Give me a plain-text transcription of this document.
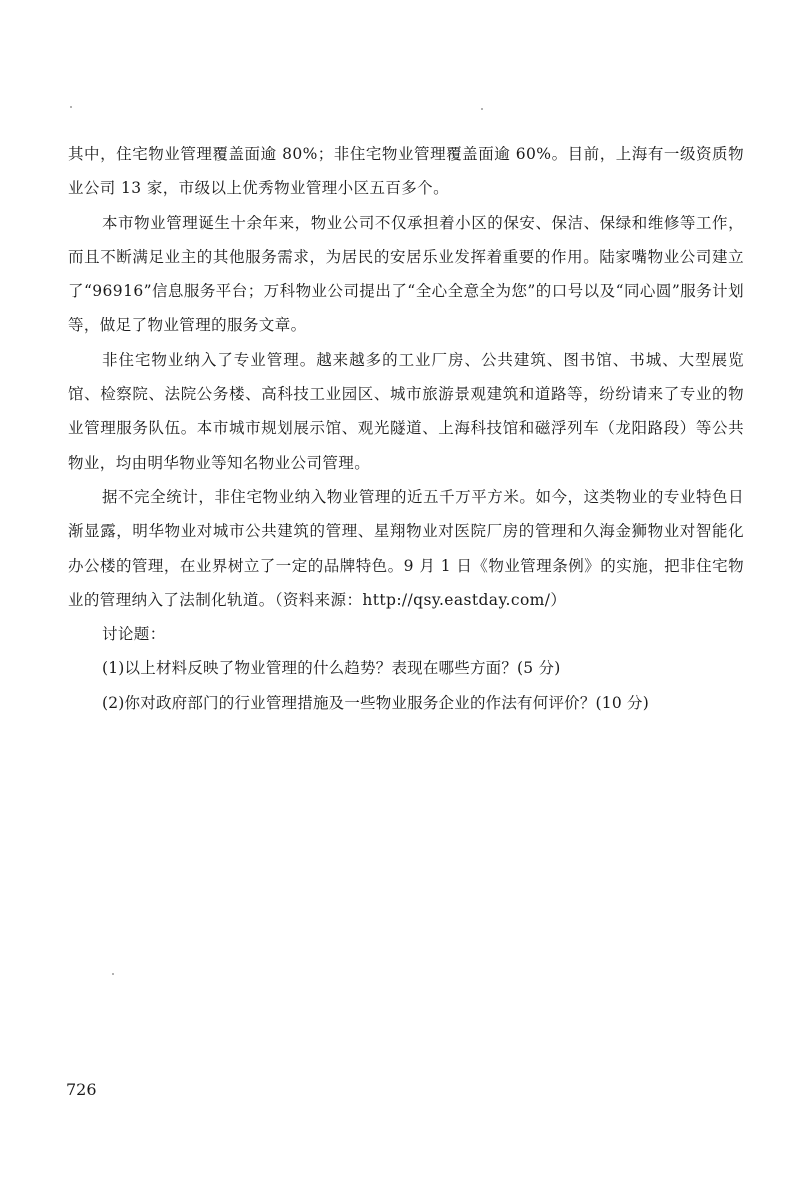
其中，住宅物业管理覆盖面逾 80%；非住宅物业管理覆盖面逾 60%。目前，上海有一级资质物业公司 13 家，市级以上优秀物业管理小区五百多个。

本市物业管理诞生十余年来，物业公司不仅承担着小区的保安、保洁、保绿和维修等工作，而且不断满足业主的其他服务需求，为居民的安居乐业发挥着重要的作用。陆家嘴物业公司建立了“96916”信息服务平台；万科物业公司提出了“全心全意全为您”的口号以及“同心圆”服务计划等，做足了物业管理的服务文章。

非住宅物业纳入了专业管理。越来越多的工业厂房、公共建筑、图书馆、书城、大型展览馆、检察院、法院公务楼、高科技工业园区、城市旅游景观建筑和道路等，纷纷请来了专业的物业管理服务队伍。本市城市规划展示馆、观光隧道、上海科技馆和磁浮列车（龙阳路段）等公共物业，均由明华物业等知名物业公司管理。

据不完全统计，非住宅物业纳入物业管理的近五千万平方米。如今，这类物业的专业特色日渐显露，明华物业对城市公共建筑的管理、星翔物业对医院厂房的管理和久海金狮物业对智能化办公楼的管理，在业界树立了一定的品牌特色。9 月 1 日《物业管理条例》的实施，把非住宅物业的管理纳入了法制化轨道。（资料来源：http://qsy.eastday.com/）

讨论题：

(1)以上材料反映了物业管理的什么趋势？表现在哪些方面？(5 分)

(2)你对政府部门的行业管理措施及一些物业服务企业的作法有何评价？(10 分)

726
